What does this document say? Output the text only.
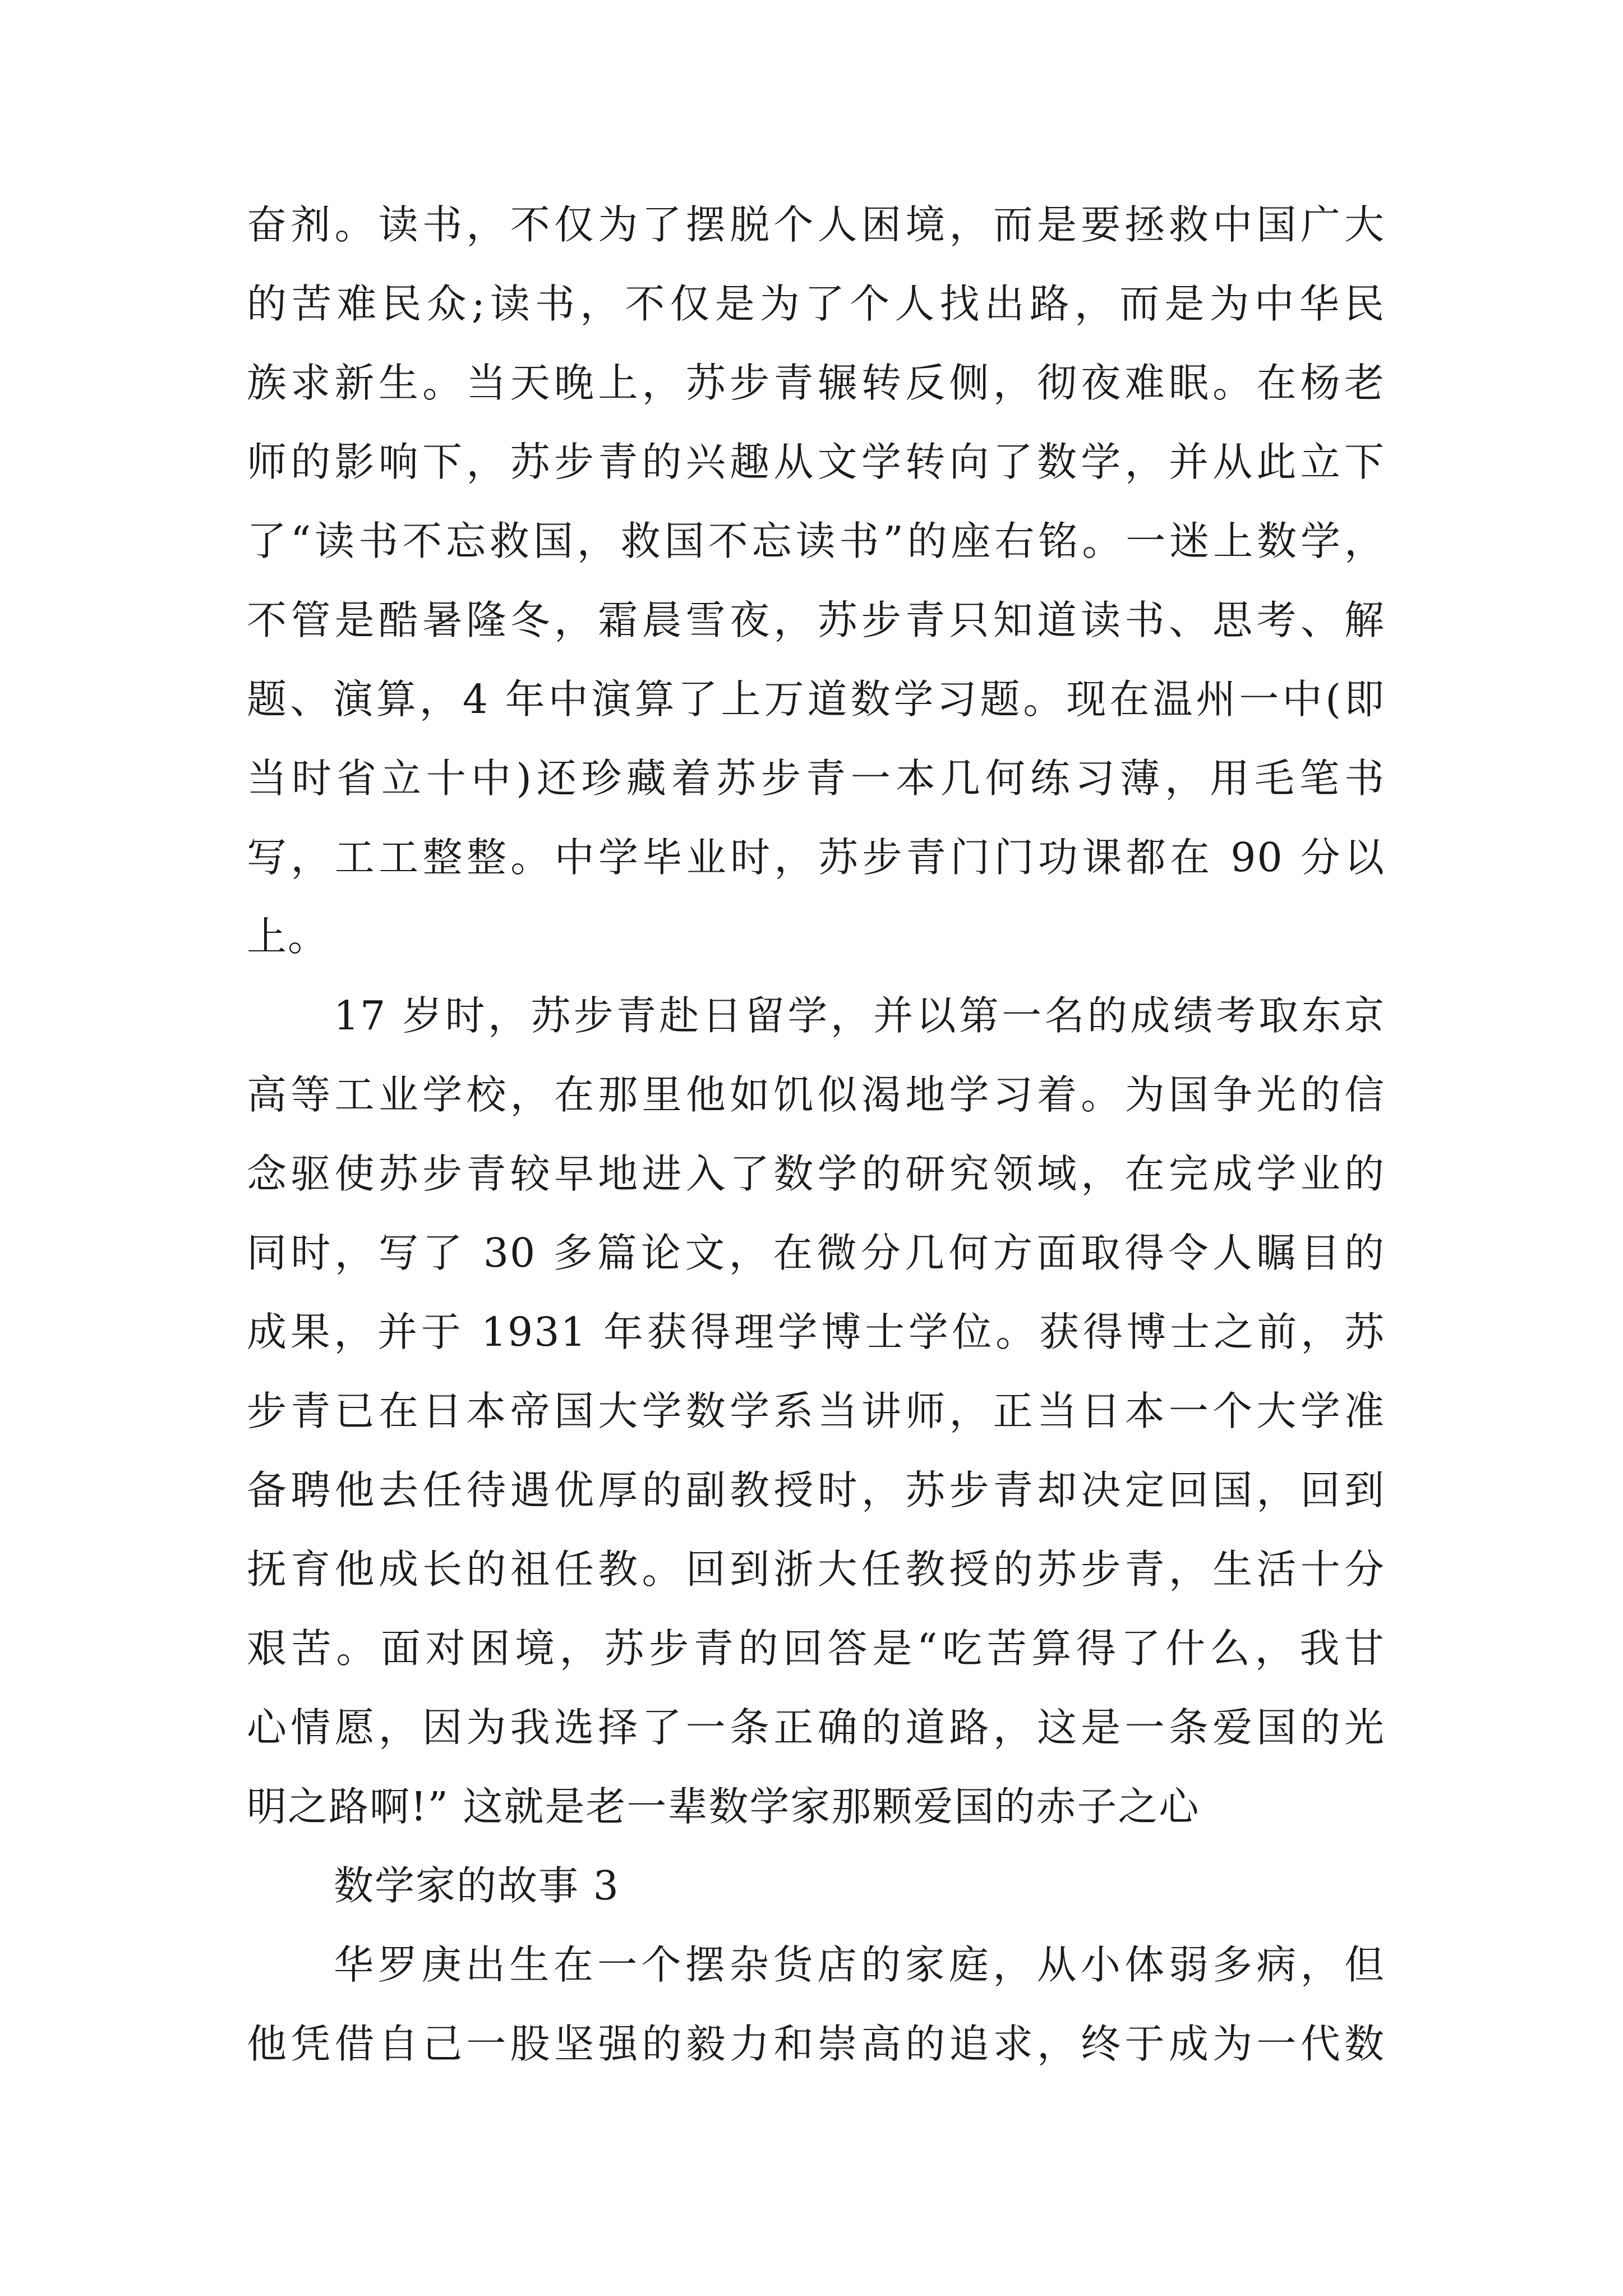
奋剂。读书，不仅为了摆脱个人困境，而是要拯救中国广大
的苦难民众;读书，不仅是为了个人找出路，而是为中华民
族求新生。当天晚上，苏步青辗转反侧，彻夜难眠。在杨老
师的影响下，苏步青的兴趣从文学转向了数学，并从此立下
了“读书不忘救国，救国不忘读书”的座右铭。一迷上数学，
不管是酷暑隆冬，霜晨雪夜，苏步青只知道读书、思考、解
题、演算，4 年中演算了上万道数学习题。现在温州一中(即
当时省立十中)还珍藏着苏步青一本几何练习薄，用毛笔书
写，工工整整。中学毕业时，苏步青门门功课都在 90 分以
上。
17 岁时，苏步青赴日留学，并以第一名的成绩考取东京
高等工业学校，在那里他如饥似渴地学习着。为国争光的信
念驱使苏步青较早地进入了数学的研究领域，在完成学业的
同时，写了 30 多篇论文，在微分几何方面取得令人瞩目的
成果，并于 1931 年获得理学博士学位。获得博士之前，苏
步青已在日本帝国大学数学系当讲师，正当日本一个大学准
备聘他去任待遇优厚的副教授时，苏步青却决定回国，回到
抚育他成长的祖任教。回到浙大任教授的苏步青，生活十分
艰苦。面对困境，苏步青的回答是“吃苦算得了什么，我甘
心情愿，因为我选择了一条正确的道路，这是一条爱国的光
明之路啊!” 这就是老一辈数学家那颗爱国的赤子之心
数学家的故事 3
华罗庚出生在一个摆杂货店的家庭，从小体弱多病，但
他凭借自己一股坚强的毅力和崇高的追求，终于成为一代数
